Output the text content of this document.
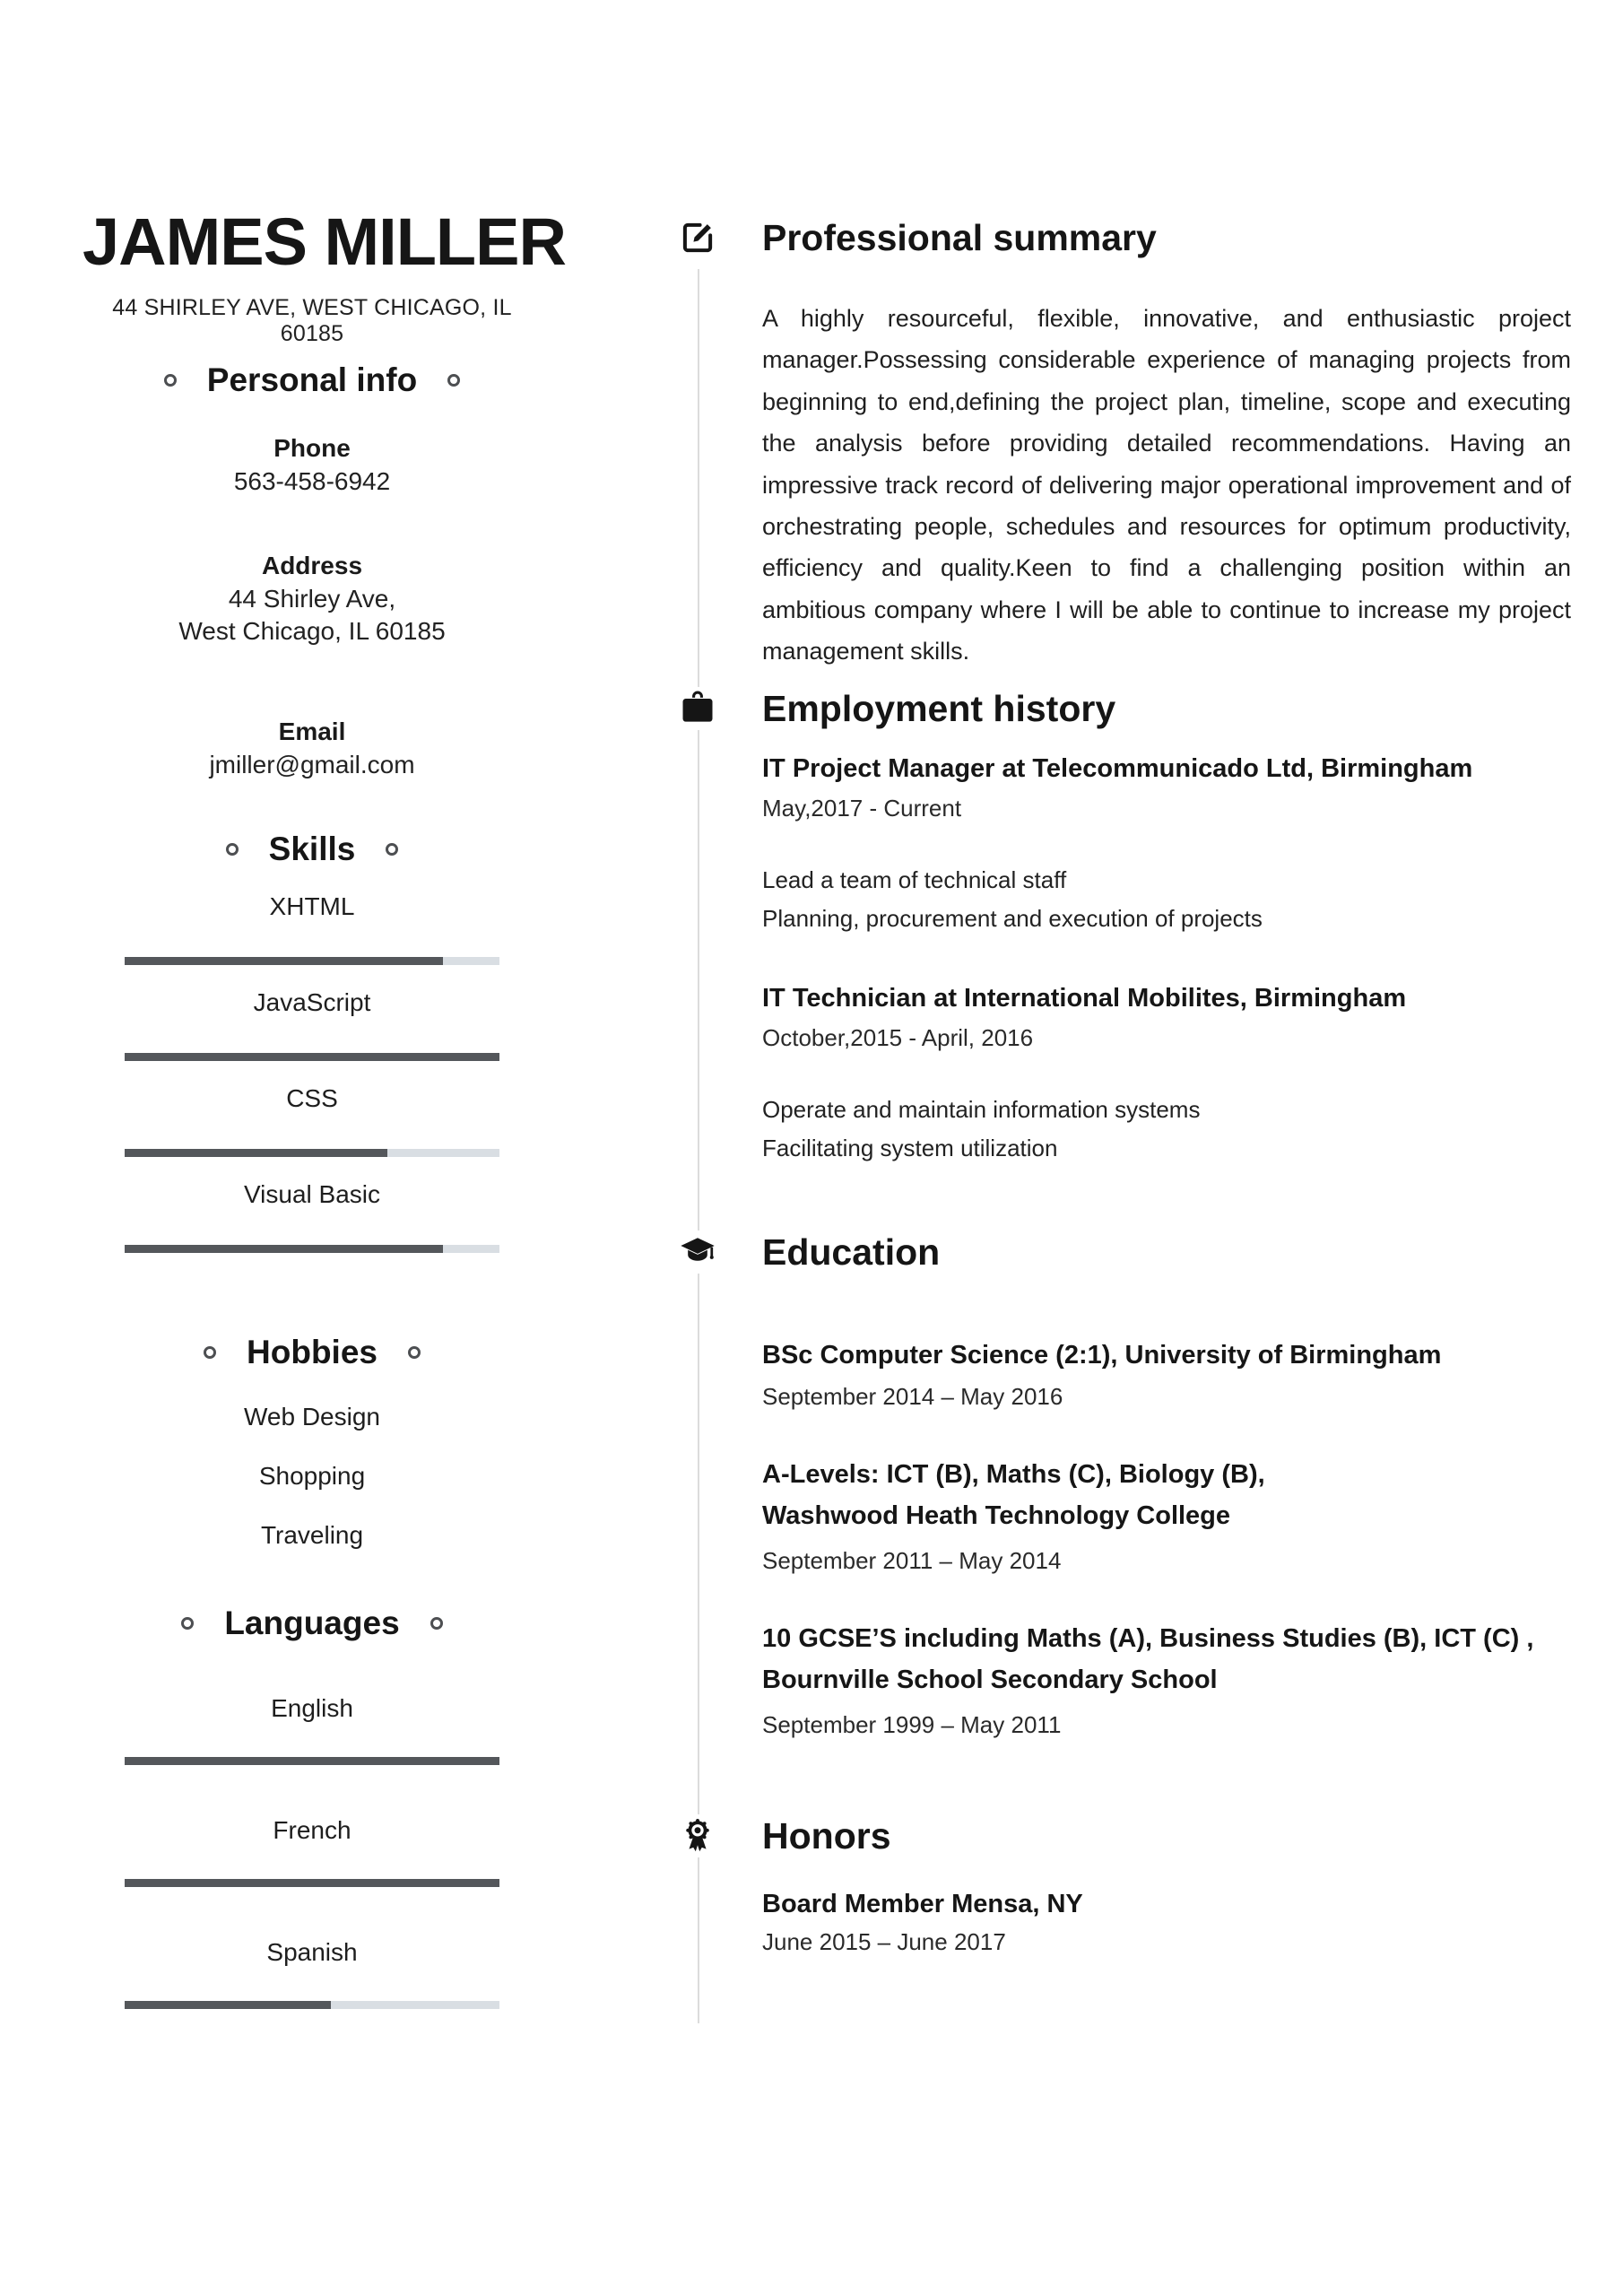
JAMES MILLER
44 SHIRLEY AVE, WEST CHICAGO, IL 60185
Personal info
Phone
563-458-6942
Address
44 Shirley Ave,
West Chicago, IL 60185
Email
jmiller@gmail.com
Skills
XHTML
JavaScript
CSS
Visual Basic
Hobbies
Web Design
Shopping
Traveling
Languages
English
French
Spanish
Professional summary

A highly resourceful, flexible, innovative, and enthusiastic project manager.Possessing considerable experience of managing projects from beginning to end,defining the project plan, timeline, scope and executing the analysis before providing detailed recommendations. Having an impressive track record of delivering major operational improvement and of orchestrating people, schedules and resources for optimum productivity, efficiency and quality.Keen to find a challenging position within an ambitious company where I will be able to continue to increase my project management skills.

Employment history
IT Project Manager at Telecommunicado Ltd, Birmingham
May,2017 - Current
Lead a team of technical staff
Planning, procurement and execution of projects
IT Technician at International Mobilites, Birmingham
October,2015 - April, 2016
Operate and maintain information systems
Facilitating system utilization
Education
BSc Computer Science (2:1), University of Birmingham
September 2014 – May 2016
A-Levels: ICT (B), Maths (C), Biology (B),
Washwood Heath Technology College
September 2011 – May 2014
10 GCSE’S including Maths (A), Business Studies (B), ICT (C) ,
Bournville School Secondary School
September 1999 – May 2011
Honors
Board Member Mensa, NY
June 2015 – June 2017
